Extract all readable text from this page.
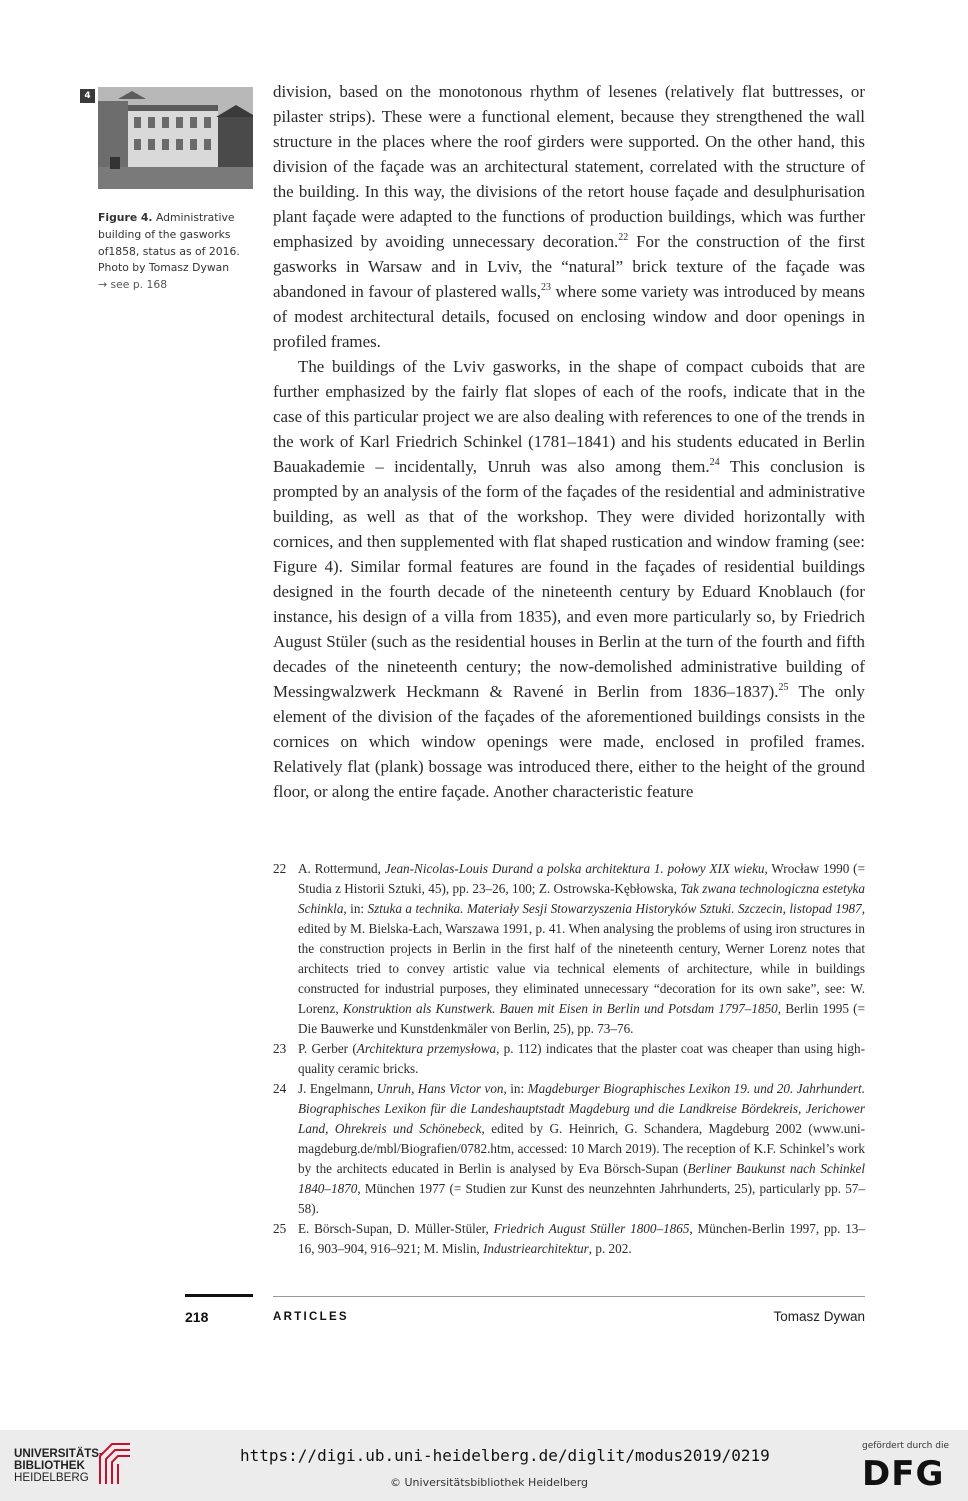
4
Figure 4. Administrative building of the gasworks of1858, status as of 2016. Photo by Tomasz Dywan
→ see p. 168

division, based on the monotonous rhythm of lesenes (relatively flat buttresses, or pilaster strips). These were a functional element, because they strengthened the wall structure in the places where the roof girders were supported. On the other hand, this division of the façade was an architectural statement, correlated with the structure of the building. In this way, the divisions of the retort house façade and desulphurisation plant façade were adapted to the functions of production buildings, which was further emphasized by avoiding unnecessary decoration.$^{22}$ For the construction of the first gasworks in Warsaw and in Lviv, the “natural” brick texture of the façade was abandoned in favour of plastered walls,$^{23}$ where some variety was introduced by means of modest architectural details, focused on enclosing window and door openings in profiled frames.

The buildings of the Lviv gasworks, in the shape of compact cuboids that are further emphasized by the fairly flat slopes of each of the roofs, indicate that in the case of this particular project we are also dealing with references to one of the trends in the work of Karl Friedrich Schinkel (1781–1841) and his students educated in Berlin Bauakademie – incidentally, Unruh was also among them.$^{24}$ This conclusion is prompted by an analysis of the form of the façades of the residential and administrative building, as well as that of the workshop. They were divided horizontally with cornices, and then supplemented with flat shaped rustication and window framing (see: Figure 4). Similar formal features are found in the façades of residential buildings designed in the fourth decade of the nineteenth century by Eduard Knoblauch (for instance, his design of a villa from 1835), and even more particularly so, by Friedrich August Stüler (such as the residential houses in Berlin at the turn of the fourth and fifth decades of the nineteenth century; the now-demolished administrative building of Messingwalzwerk Heckmann & Ravené in Berlin from 1836–1837).$^{25}$ The only element of the division of the façades of the aforementioned buildings consists in the cornices on which window openings were made, enclosed in profiled frames. Relatively flat (plank) bossage was introduced there, either to the height of the ground floor, or along the entire façade. Another characteristic feature

22 A. Rottermund, Jean-Nicolas-Louis Durand a polska architektura 1. połowy XIX wieku, Wrocław 1990 (= Studia z Historii Sztuki, 45), pp. 23–26, 100; Z. Ostrowska-Kębłowska, Tak zwana technologiczna estetyka Schinkla, in: Sztuka a technika. Materiały Sesji Stowarzyszenia Historyków Sztuki. Szczecin, listopad 1987, edited by M. Bielska-Łach, Warszawa 1991, p. 41. When analysing the problems of using iron structures in the construction projects in Berlin in the first half of the nineteenth century, Werner Lorenz notes that architects tried to convey artistic value via technical elements of architecture, while in buildings constructed for industrial purposes, they eliminated unnecessary “decoration for its own sake”, see: W. Lorenz, Konstruktion als Kunstwerk. Bauen mit Eisen in Berlin und Potsdam 1797–1850, Berlin 1995 (= Die Bauwerke und Kunstdenkmäler von Berlin, 25), pp. 73–76.
23 P. Gerber (Architektura przemysłowa, p. 112) indicates that the plaster coat was cheaper than using high-quality ceramic bricks.
24 J. Engelmann, Unruh, Hans Victor von, in: Magdeburger Biographisches Lexikon 19. und 20. Jahrhundert. Biographisches Lexikon für die Landeshauptstadt Magdeburg und die Landkreise Bördekreis, Jerichower Land, Ohrekreis und Schönebeck, edited by G. Heinrich, G. Schandera, Magdeburg 2002 (www.uni-magdeburg.de/mbl/Biografien/0782.htm, accessed: 10 March 2019). The reception of K.F. Schinkel’s work by the architects educated in Berlin is analysed by Eva Börsch-Supan (Berliner Baukunst nach Schinkel 1840–1870, München 1977 (= Studien zur Kunst des neunzehnten Jahrhunderts, 25), particularly pp. 57–58).
25 E. Börsch-Supan, D. Müller-Stüler, Friedrich August Stüller 1800–1865, München-Berlin 1997, pp. 13–16, 903–904, 916–921; M. Mislin, Industriearchitektur, p. 202.
218	ARTICLES	Tomasz Dywan
UNIVERSITÄTS-
BIBLIOTHEK
HEIDELBERG
https://digi.ub.uni-heidelberg.de/diglit/modus2019/0219
© Universitätsbibliothek Heidelberg
gefördert durch die
DFG
